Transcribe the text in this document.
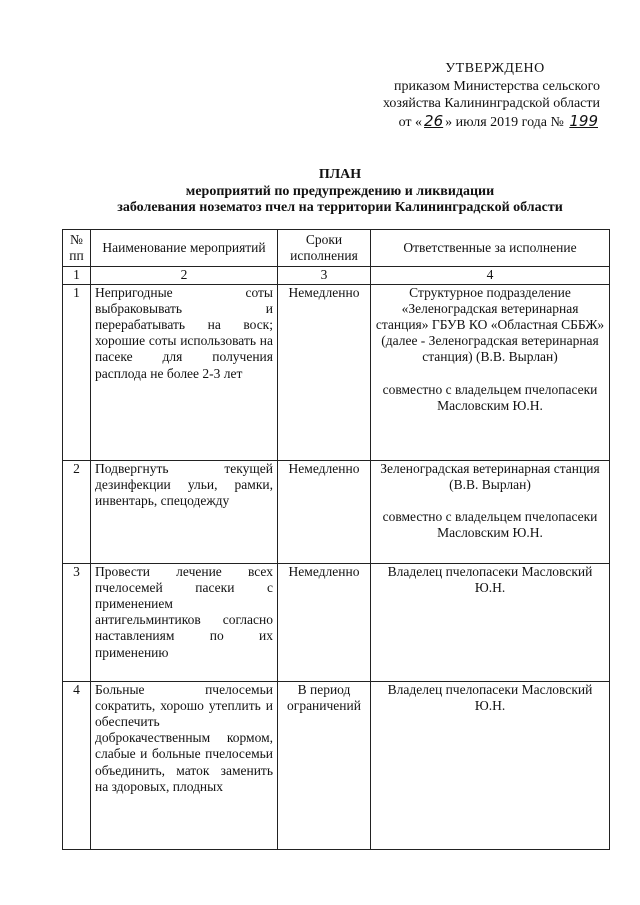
УТВЕРЖДЕНО
приказом Министерства сельского
хозяйства Калининградской области
от « 26 » июля 2019 года № 199
ПЛАН
мероприятий по предупреждению и ликвидации
заболевания нозематоз пчел на территории Калининградской области
№ пп	Наименование мероприятий	Сроки исполнения	Ответственные за исполнение
1	2	3	4
1	Непригодные соты выбраковывать и перерабатывать на воск; хорошие соты использовать на пасеке для получения расплода не более 2-3 лет	Немедленно	Структурное подразделение «Зеленоградская ветеринарная станция» ГБУВ КО «Областная СББЖ» (далее - Зеленоградская ветеринарная станция) (В.В. Вырлан)
совместно с владельцем пчелопасеки Масловским Ю.Н.

2	Подвергнуть текущей дезинфекции ульи, рамки, инвентарь, спецодежду	Немедленно	Зеленоградская ветеринарная станция (В.В. Вырлан)
совместно с владельцем пчелопасеки Масловским Ю.Н.

3	Провести лечение всех пчелосемей пасеки с применением антигельминтиков согласно наставлениям по их применению	Немедленно	Владелец пчелопасеки Масловский Ю.Н.

4	Больные пчелосемьи сократить, хорошо утеплить и обеспечить доброкачественным кормом, слабые и больные пчелосемьи объединить, маток заменить на здоровых, плодных	В период ограничений	Владелец пчелопасеки Масловский Ю.Н.
